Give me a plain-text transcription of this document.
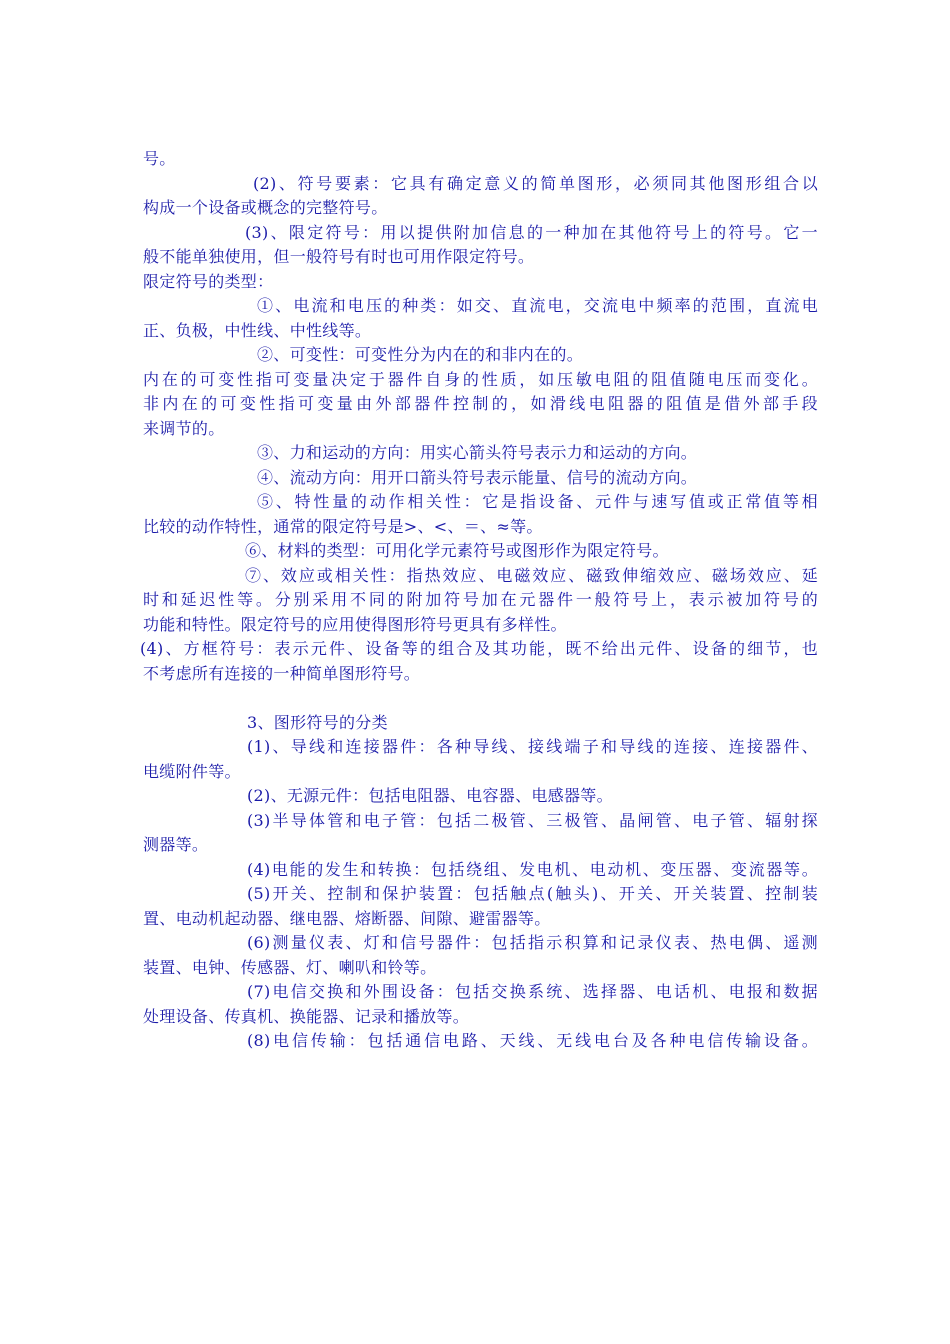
号。
(2)、符号要素：它具有确定意义的简单图形，必须同其他图形组合以
构成一个设备或概念的完整符号。
(3)、限定符号：用以提供附加信息的一种加在其他符号上的符号。它一
般不能单独使用，但一般符号有时也可用作限定符号。
限定符号的类型：
①、电流和电压的种类：如交、直流电，交流电中频率的范围，直流电
正、负极，中性线、中性线等。
②、可变性：可变性分为内在的和非内在的。
内在的可变性指可变量决定于器件自身的性质，如压敏电阻的阻值随电压而变化。
非内在的可变性指可变量由外部器件控制的，如滑线电阻器的阻值是借外部手段
来调节的。
③、力和运动的方向：用实心箭头符号表示力和运动的方向。
④、流动方向：用开口箭头符号表示能量、信号的流动方向。
⑤、特性量的动作相关性：它是指设备、元件与速写值或正常值等相
比较的动作特性，通常的限定符号是>、<、＝、≈等。
⑥、材料的类型：可用化学元素符号或图形作为限定符号。
⑦、效应或相关性：指热效应、电磁效应、磁致伸缩效应、磁场效应、延
时和延迟性等。分别采用不同的附加符号加在元器件一般符号上，表示被加符号的
功能和特性。限定符号的应用使得图形符号更具有多样性。
(4)、方框符号：表示元件、设备等的组合及其功能，既不给出元件、设备的细节，也
不考虑所有连接的一种简单图形符号。
3、图形符号的分类
(1)、导线和连接器件：各种导线、接线端子和导线的连接、连接器件、
电缆附件等。
(2)、无源元件：包括电阻器、电容器、电感器等。
(3)半导体管和电子管：包括二极管、三极管、晶闸管、电子管、辐射探
测器等。
(4)电能的发生和转换：包括绕组、发电机、电动机、变压器、变流器等。
(5)开关、控制和保护装置：包括触点(触头)、开关、开关装置、控制装
置、电动机起动器、继电器、熔断器、间隙、避雷器等。
(6)测量仪表、灯和信号器件：包括指示积算和记录仪表、热电偶、遥测
装置、电钟、传感器、灯、喇叭和铃等。
(7)电信交换和外围设备：包括交换系统、选择器、电话机、电报和数据
处理设备、传真机、换能器、记录和播放等。
(8)电信传输：包括通信电路、天线、无线电台及各种电信传输设备。
